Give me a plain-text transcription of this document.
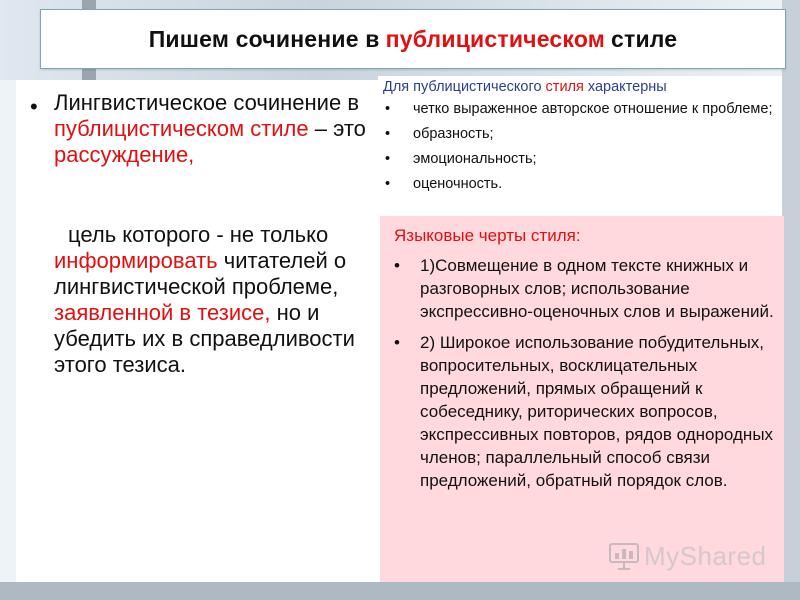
Пишем сочинение в публицистическом стиле
• Лингвистическое сочинение в публицистическом стиле – это рассуждение,
цель которого - не только информировать читателей о лингвистической проблеме, заявленной в тезисе, но и убедить их в справедливости этого тезиса.
Для публицистического стиля характерны
• четко выраженное авторское отношение к проблеме;
• образность;
• эмоциональность;
• оценочность.
Языковые черты стиля:
• 1)Совмещение в одном тексте книжных и разговорных слов; использование экспрессивно-оценочных слов и выражений.
• 2) Широкое использование побудительных, вопросительных, восклицательных предложений, прямых обращений к собеседнику, риторических вопросов, экспрессивных повторов, рядов однородных членов; параллельный способ связи предложений, обратный порядок слов.
MyShared
